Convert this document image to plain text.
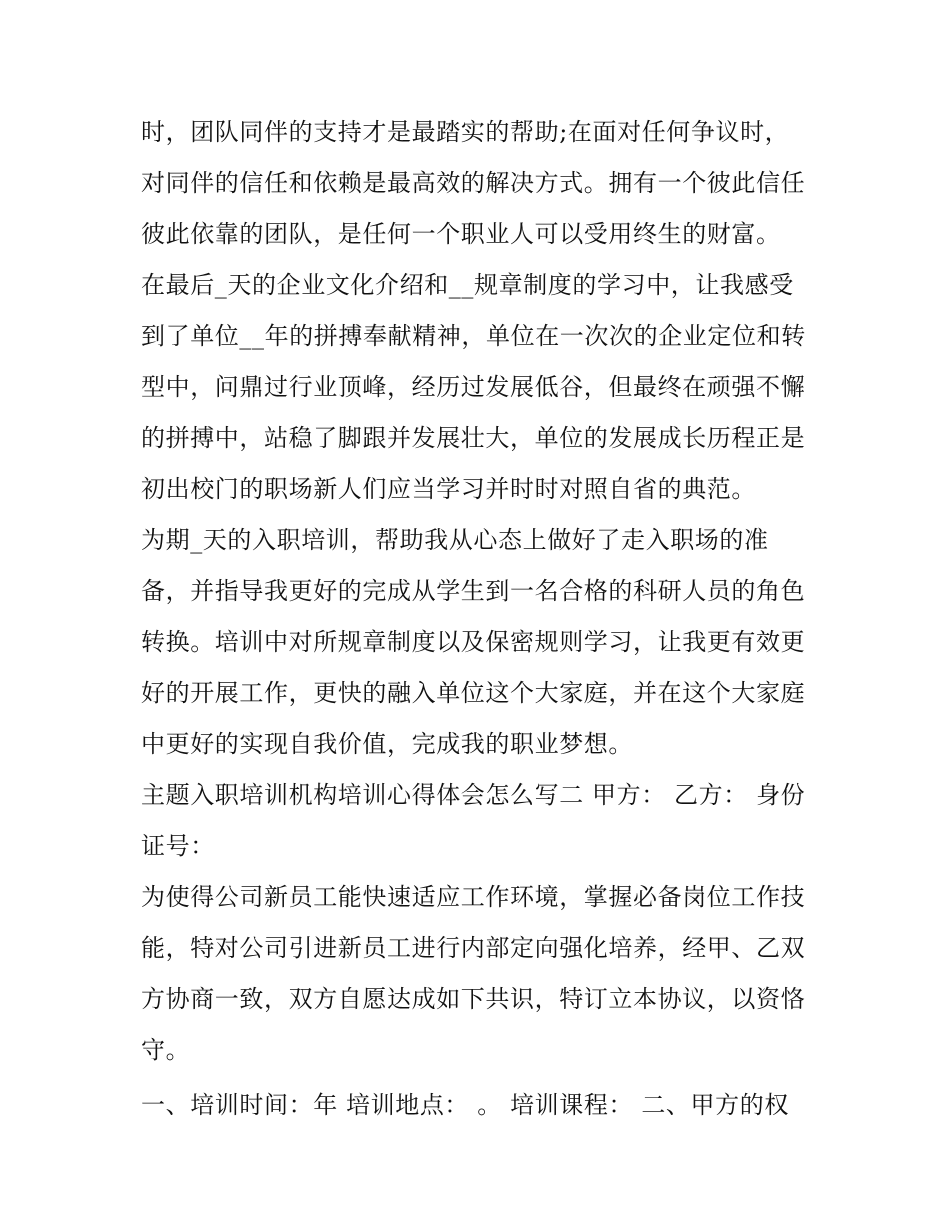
时，团队同伴的支持才是最踏实的帮助;在面对任何争议时，
对同伴的信任和依赖是最高效的解决方式。拥有一个彼此信任
彼此依靠的团队，是任何一个职业人可以受用终生的财富。
在最后_天的企业文化介绍和__规章制度的学习中，让我感受
到了单位__年的拼搏奉献精神，单位在一次次的企业定位和转
型中，问鼎过行业顶峰，经历过发展低谷，但最终在顽强不懈
的拼搏中，站稳了脚跟并发展壮大，单位的发展成长历程正是
初出校门的职场新人们应当学习并时时对照自省的典范。
为期_天的入职培训，帮助我从心态上做好了走入职场的准
备，并指导我更好的完成从学生到一名合格的科研人员的角色
转换。培训中对所规章制度以及保密规则学习，让我更有效更
好的开展工作，更快的融入单位这个大家庭，并在这个大家庭
中更好的实现自我价值，完成我的职业梦想。
主题入职培训机构培训心得体会怎么写二 甲方： 乙方： 身份
证号：
为使得公司新员工能快速适应工作环境，掌握必备岗位工作技
能，特对公司引进新员工进行内部定向强化培养，经甲、乙双
方协商一致，双方自愿达成如下共识，特订立本协议，以资恪
守。
一、培训时间：年 培训地点： 。 培训课程： 二、甲方的权
